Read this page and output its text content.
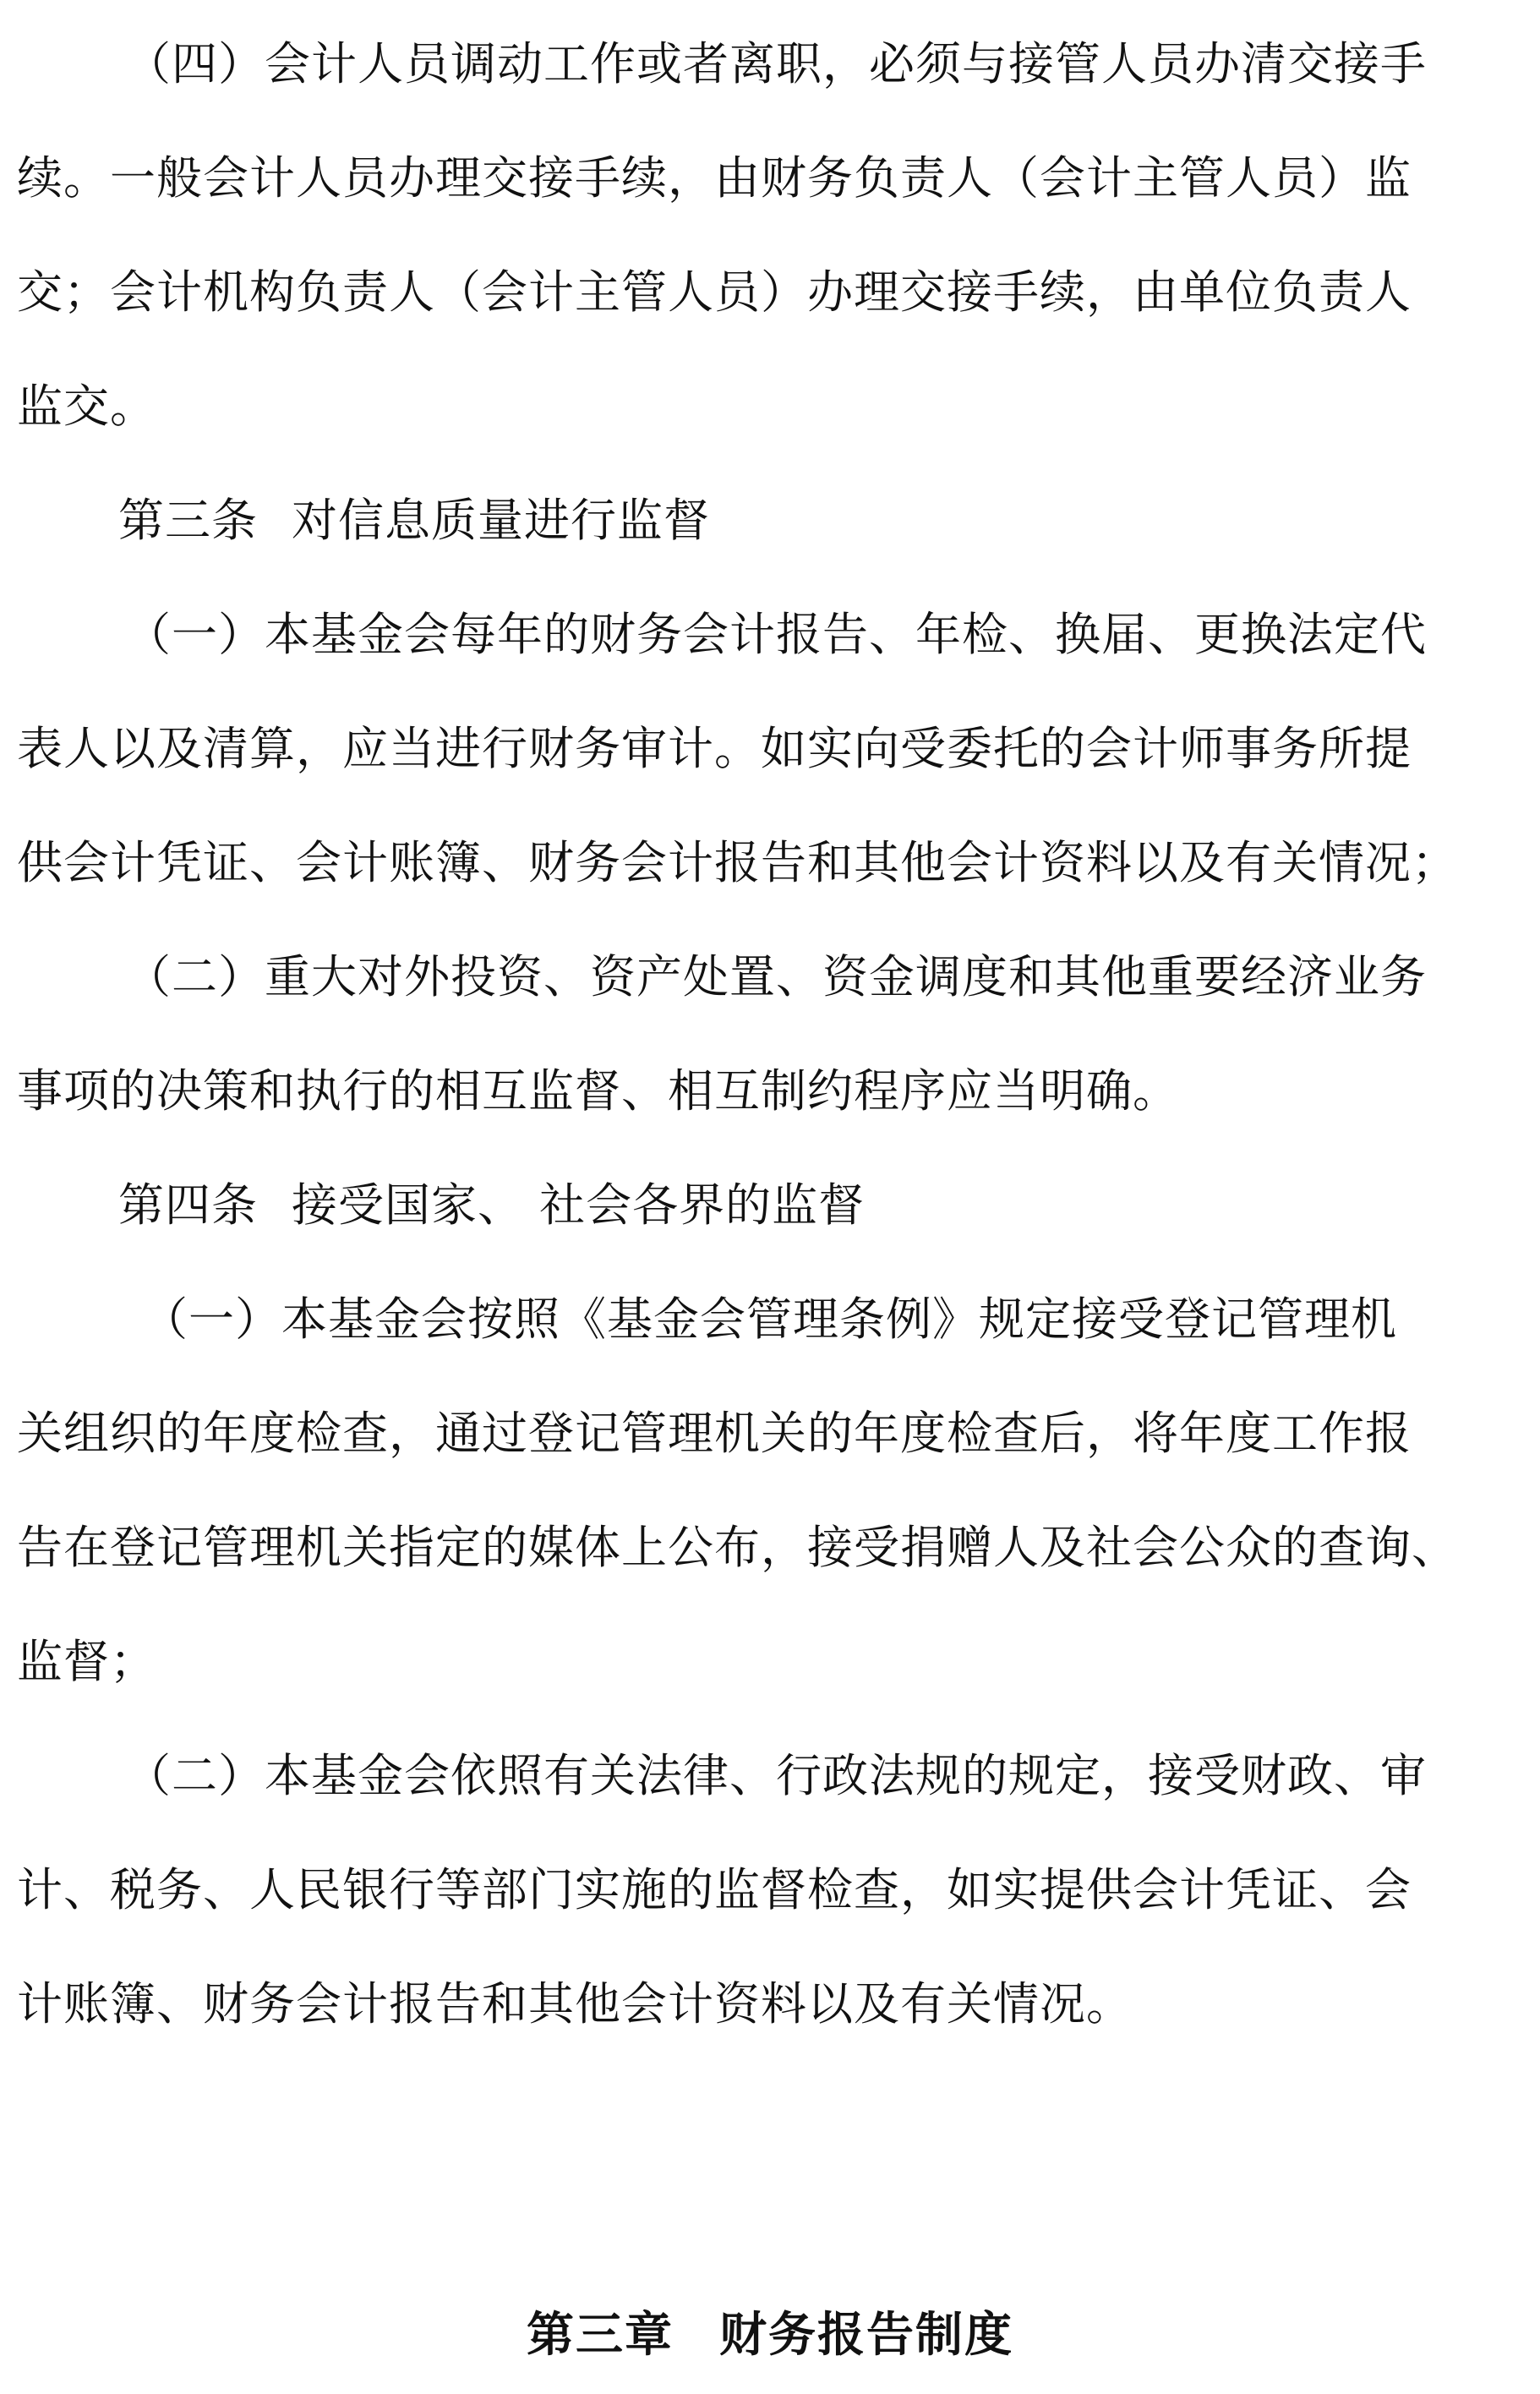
（四）会计人员调动工作或者离职，必须与接管人员办清交接手
续。一般会计人员办理交接手续，由财务负责人（会计主管人员）监
交；会计机构负责人（会计主管人员）办理交接手续，由单位负责人
监交。

第三条 对信息质量进行监督

（一）本基金会每年的财务会计报告、年检、换届、更换法定代
表人以及清算，应当进行财务审计。如实向受委托的会计师事务所提
供会计凭证、会计账簿、财务会计报告和其他会计资料以及有关情况；

（二）重大对外投资、资产处置、资金调度和其他重要经济业务
事项的决策和执行的相互监督、相互制约程序应当明确。

第四条 接受国家、 社会各界的监督

（一）本基金会按照《基金会管理条例》规定接受登记管理机
关组织的年度检查，通过登记管理机关的年度检查后，将年度工作报
告在登记管理机关指定的媒体上公布，接受捐赠人及社会公众的查询、
监督；

（二）本基金会依照有关法律、行政法规的规定，接受财政、审
计、税务、人民银行等部门实施的监督检查，如实提供会计凭证、会
计账簿、财务会计报告和其他会计资料以及有关情况。

第三章 财务报告制度
